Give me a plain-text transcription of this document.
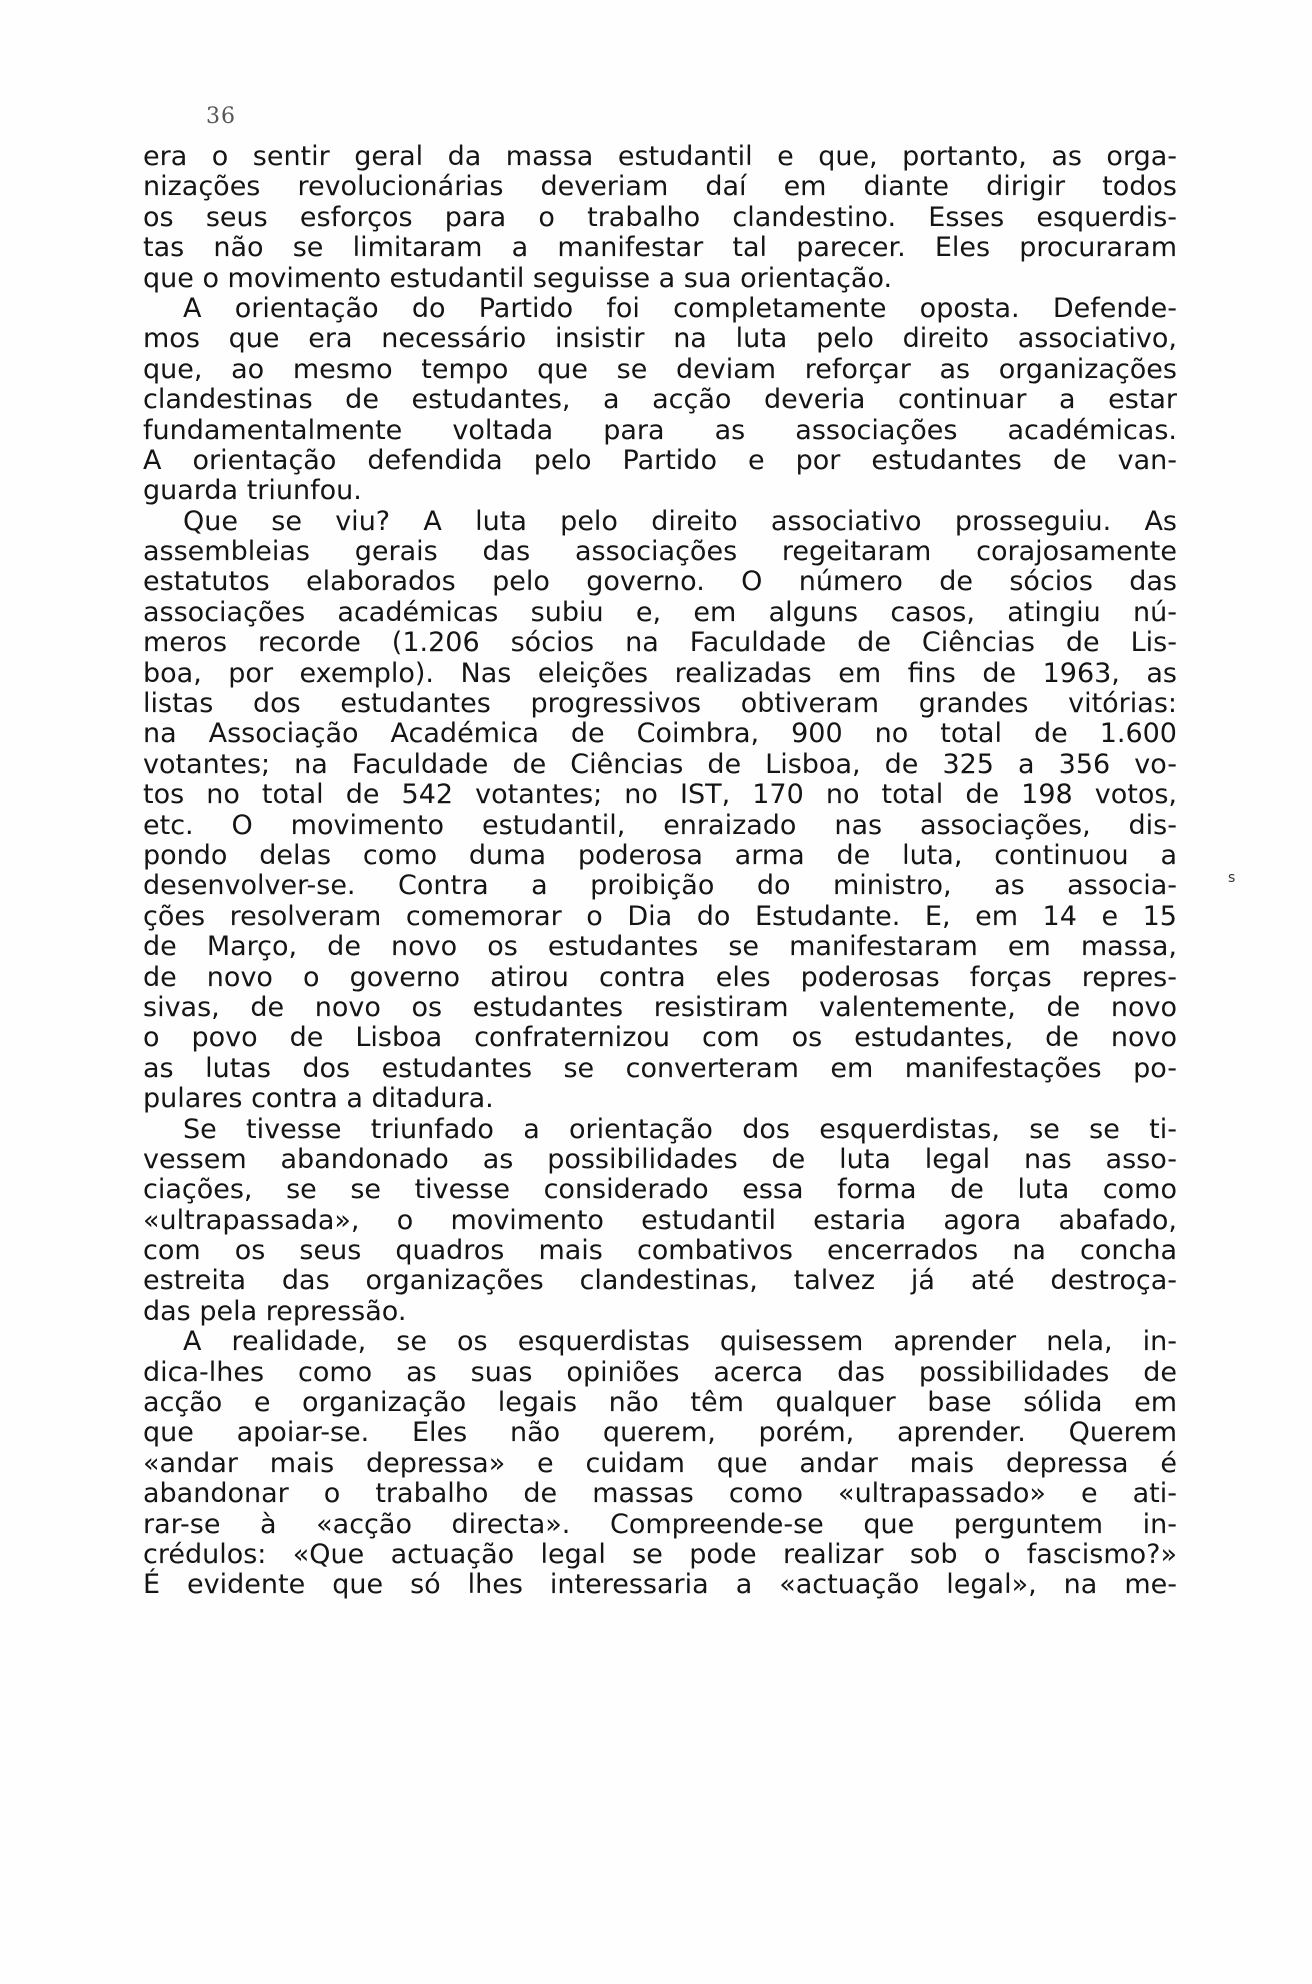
36
era o sentir geral da massa estudantil e que, portanto, as orga-
nizações revolucionárias deveriam daí em diante dirigir todos
os seus esforços para o trabalho clandestino. Esses esquerdis-
tas não se limitaram a manifestar tal parecer. Eles procuraram
que o movimento estudantil seguisse a sua orientação.
A orientação do Partido foi completamente oposta. Defende-
mos que era necessário insistir na luta pelo direito associativo,
que, ao mesmo tempo que se deviam reforçar as organizações
clandestinas de estudantes, a acção deveria continuar a estar
fundamentalmente voltada para as associações académicas.
A orientação defendida pelo Partido e por estudantes de van-
guarda triunfou.
Que se viu? A luta pelo direito associativo prosseguiu. As
assembleias gerais das associações regeitaram corajosamente
estatutos elaborados pelo governo. O número de sócios das
associações académicas subiu e, em alguns casos, atingiu nú-
meros recorde (1.206 sócios na Faculdade de Ciências de Lis-
boa, por exemplo). Nas eleições realizadas em fins de 1963, as
listas dos estudantes progressivos obtiveram grandes vitórias:
na Associação Académica de Coimbra, 900 no total de 1.600
votantes; na Faculdade de Ciências de Lisboa, de 325 a 356 vo-
tos no total de 542 votantes; no IST, 170 no total de 198 votos,
etc. O movimento estudantil, enraizado nas associações, dis-
pondo delas como duma poderosa arma de luta, continuou a
desenvolver-se. Contra a proibição do ministro, as associa-
ções resolveram comemorar o Dia do Estudante. E, em 14 e 15
de Março, de novo os estudantes se manifestaram em massa,
de novo o governo atirou contra eles poderosas forças repres-
sivas, de novo os estudantes resistiram valentemente, de novo
o povo de Lisboa confraternizou com os estudantes, de novo
as lutas dos estudantes se converteram em manifestações po-
pulares contra a ditadura.
Se tivesse triunfado a orientação dos esquerdistas, se se ti-
vessem abandonado as possibilidades de luta legal nas asso-
ciações, se se tivesse considerado essa forma de luta como
«ultrapassada», o movimento estudantil estaria agora abafado,
com os seus quadros mais combativos encerrados na concha
estreita das organizações clandestinas, talvez já até destroça-
das pela repressão.
A realidade, se os esquerdistas quisessem aprender nela, in-
dica-lhes como as suas opiniões acerca das possibilidades de
acção e organização legais não têm qualquer base sólida em
que apoiar-se. Eles não querem, porém, aprender. Querem
«andar mais depressa» e cuidam que andar mais depressa é
abandonar o trabalho de massas como «ultrapassado» e ati-
rar-se à «acção directa». Compreende-se que perguntem in-
crédulos: «Que actuação legal se pode realizar sob o fascismo?»
É evidente que só lhes interessaria a «actuação legal», na me-
s
